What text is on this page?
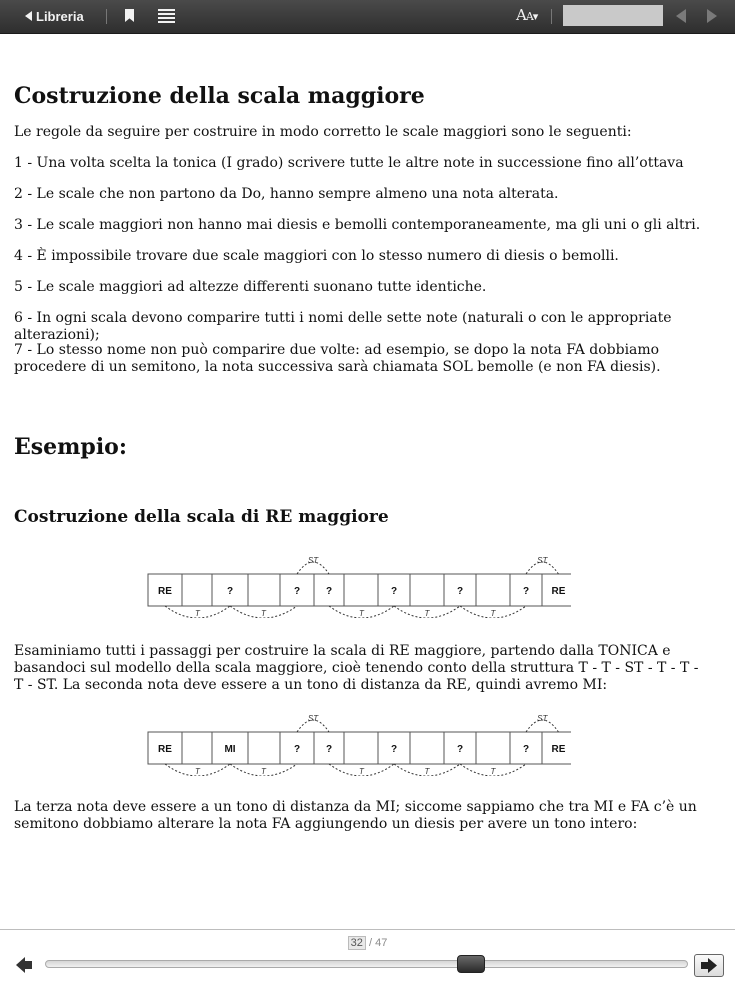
Libreria	AA▾
Costruzione della scala maggiore

Le regole da seguire per costruire in modo corretto le scale maggiori sono le seguenti:

1 - Una volta scelta la tonica (I grado) scrivere tutte le altre note in successione fino all’ottava

2 - Le scale che non partono da Do, hanno sempre almeno una nota alterata.

3 - Le scale maggiori non hanno mai diesis e bemolli contemporaneamente, ma gli uni o gli altri.

4 - È impossibile trovare due scale maggiori con lo stesso numero di diesis o bemolli.

5 - Le scale maggiori ad altezze differenti suonano tutte identiche.

6 - In ogni scala devono comparire tutti i nomi delle sette note (naturali o con le appropriate alterazioni);

7 - Lo stesso nome non può comparire due volte: ad esempio, se dopo la nota FA dobbiamo procedere di un semitono, la nota successiva sarà chiamata SOL bemolle (e non FA diesis).

Esempio:
Costruzione della scala di RE maggiore
RE	?	?	?	?	?	? RE
T	T	T	T	T
ST	ST

Esaminiamo tutti i passaggi per costruire la scala di RE maggiore, partendo dalla TONICA e basandoci sul modello della scala maggiore, cioè tenendo conto della struttura T - T - ST - T - T - T - ST. La seconda nota deve essere a un tono di distanza da RE, quindi avremo MI:

RE	MI	?	?	?	?	? RE
T	T	T	T	T
ST	ST

La terza nota deve essere a un tono di distanza da MI; siccome sappiamo che tra MI e FA c’è un semitono dobbiamo alterare la nota FA aggiungendo un diesis per avere un tono intero:

32 / 47
